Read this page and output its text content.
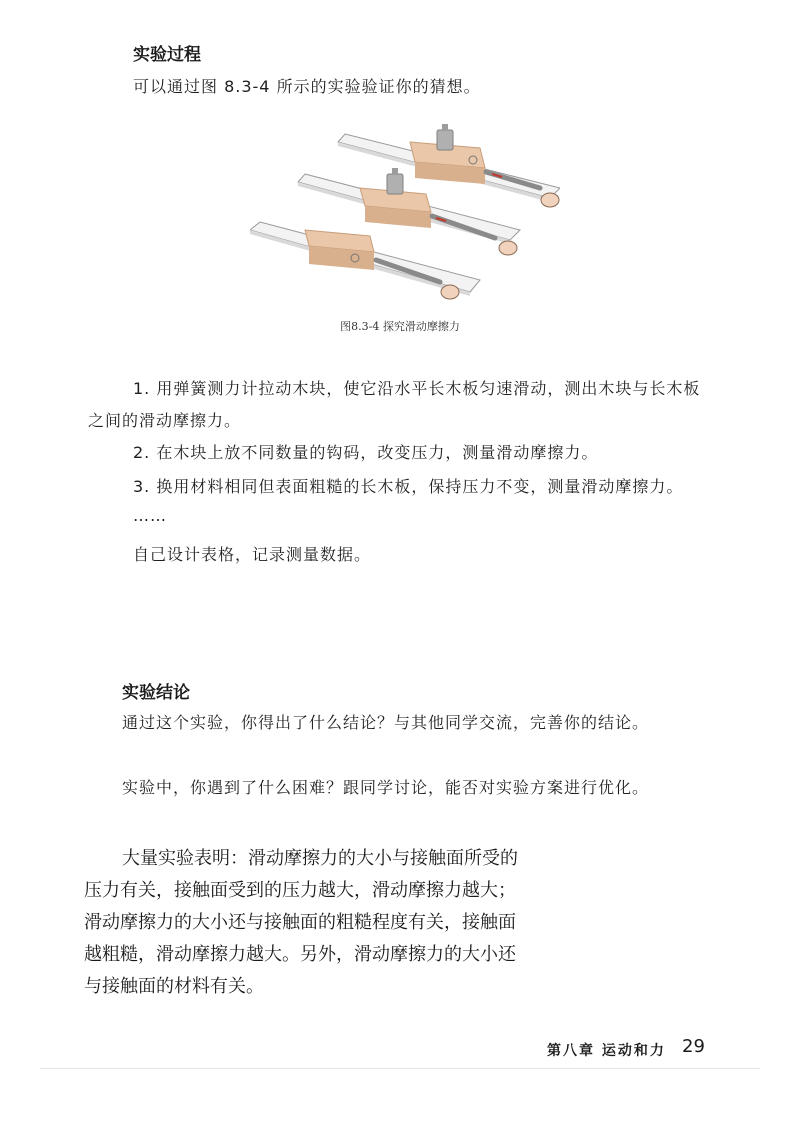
实验过程
可以通过图 8.3-4 所示的实验验证你的猜想。
图8.3-4 探究滑动摩擦力
1. 用弹簧测力计拉动木块，使它沿水平长木板匀速滑动，测出木块与长木板
之间的滑动摩擦力。
2. 在木块上放不同数量的钩码，改变压力，测量滑动摩擦力。
3. 换用材料相同但表面粗糙的长木板，保持压力不变，测量滑动摩擦力。
……
自己设计表格，记录测量数据。
实验结论
通过这个实验，你得出了什么结论？与其他同学交流，完善你的结论。
实验中，你遇到了什么困难？跟同学讨论，能否对实验方案进行优化。
大量实验表明：滑动摩擦力的大小与接触面所受的
压力有关，接触面受到的压力越大，滑动摩擦力越大；
滑动摩擦力的大小还与接触面的粗糙程度有关，接触面
越粗糙，滑动摩擦力越大。另外，滑动摩擦力的大小还
与接触面的材料有关。
第八章 运动和力 29
